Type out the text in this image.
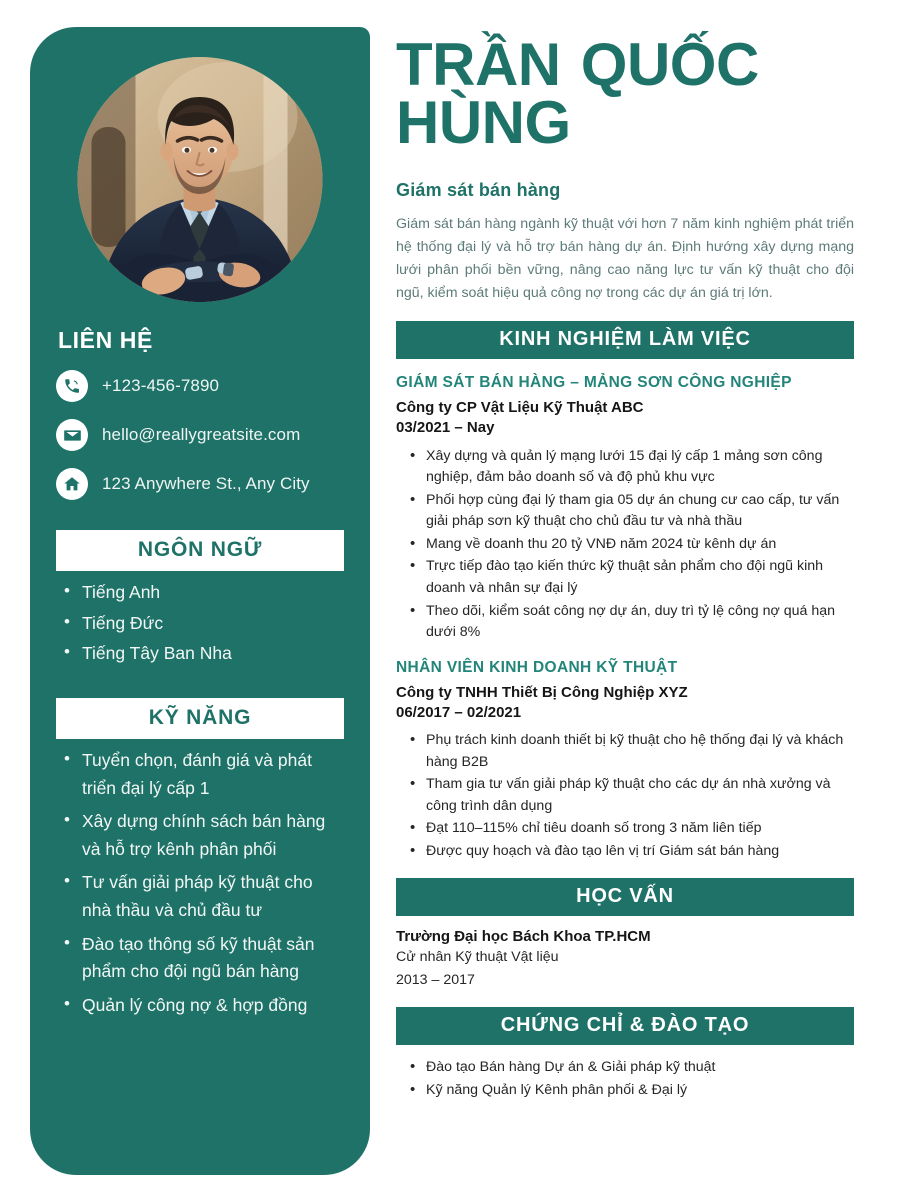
LIÊN HỆ
+123-456-7890
hello@reallygreatsite.com
123 Anywhere St., Any City
NGÔN NGỮ
• Tiếng Anh
• Tiếng Đức
• Tiếng Tây Ban Nha
KỸ NĂNG
• Tuyển chọn, đánh giá và phát triển đại lý cấp 1
• Xây dựng chính sách bán hàng và hỗ trợ kênh phân phối
• Tư vấn giải pháp kỹ thuật cho nhà thầu và chủ đầu tư
• Đào tạo thông số kỹ thuật sản phẩm cho đội ngũ bán hàng
• Quản lý công nợ & hợp đồng
TRẦN QUỐC
HÙNG
Giám sát bán hàng

Giám sát bán hàng ngành kỹ thuật với hơn 7 năm kinh nghiệm phát triển hệ thống đại lý và hỗ trợ bán hàng dự án. Định hướng xây dựng mạng lưới phân phối bền vững, nâng cao năng lực tư vấn kỹ thuật cho đội ngũ, kiểm soát hiệu quả công nợ trong các dự án giá trị lớn.

KINH NGHIỆM LÀM VIỆC
GIÁM SÁT BÁN HÀNG – MẢNG SƠN CÔNG NGHIỆP
Công ty CP Vật Liệu Kỹ Thuật ABC
03/2021 – Nay
• Xây dựng và quản lý mạng lưới 15 đại lý cấp 1 mảng sơn công nghiệp, đảm bảo doanh số và độ phủ khu vực
• Phối hợp cùng đại lý tham gia 05 dự án chung cư cao cấp, tư vấn giải pháp sơn kỹ thuật cho chủ đầu tư và nhà thầu
• Mang về doanh thu 20 tỷ VNĐ năm 2024 từ kênh dự án
• Trực tiếp đào tạo kiến thức kỹ thuật sản phẩm cho đội ngũ kinh doanh và nhân sự đại lý
• Theo dõi, kiểm soát công nợ dự án, duy trì tỷ lệ công nợ quá hạn dưới 8%
NHÂN VIÊN KINH DOANH KỸ THUẬT
Công ty TNHH Thiết Bị Công Nghiệp XYZ
06/2017 – 02/2021
• Phụ trách kinh doanh thiết bị kỹ thuật cho hệ thống đại lý và khách hàng B2B
• Tham gia tư vấn giải pháp kỹ thuật cho các dự án nhà xưởng và công trình dân dụng
• Đạt 110–115% chỉ tiêu doanh số trong 3 năm liên tiếp
• Được quy hoạch và đào tạo lên vị trí Giám sát bán hàng
HỌC VẤN
Trường Đại học Bách Khoa TP.HCM
Cử nhân Kỹ thuật Vật liệu
2013 – 2017
CHỨNG CHỈ & ĐÀO TẠO
• Đào tạo Bán hàng Dự án & Giải pháp kỹ thuật
• Kỹ năng Quản lý Kênh phân phối & Đại lý
